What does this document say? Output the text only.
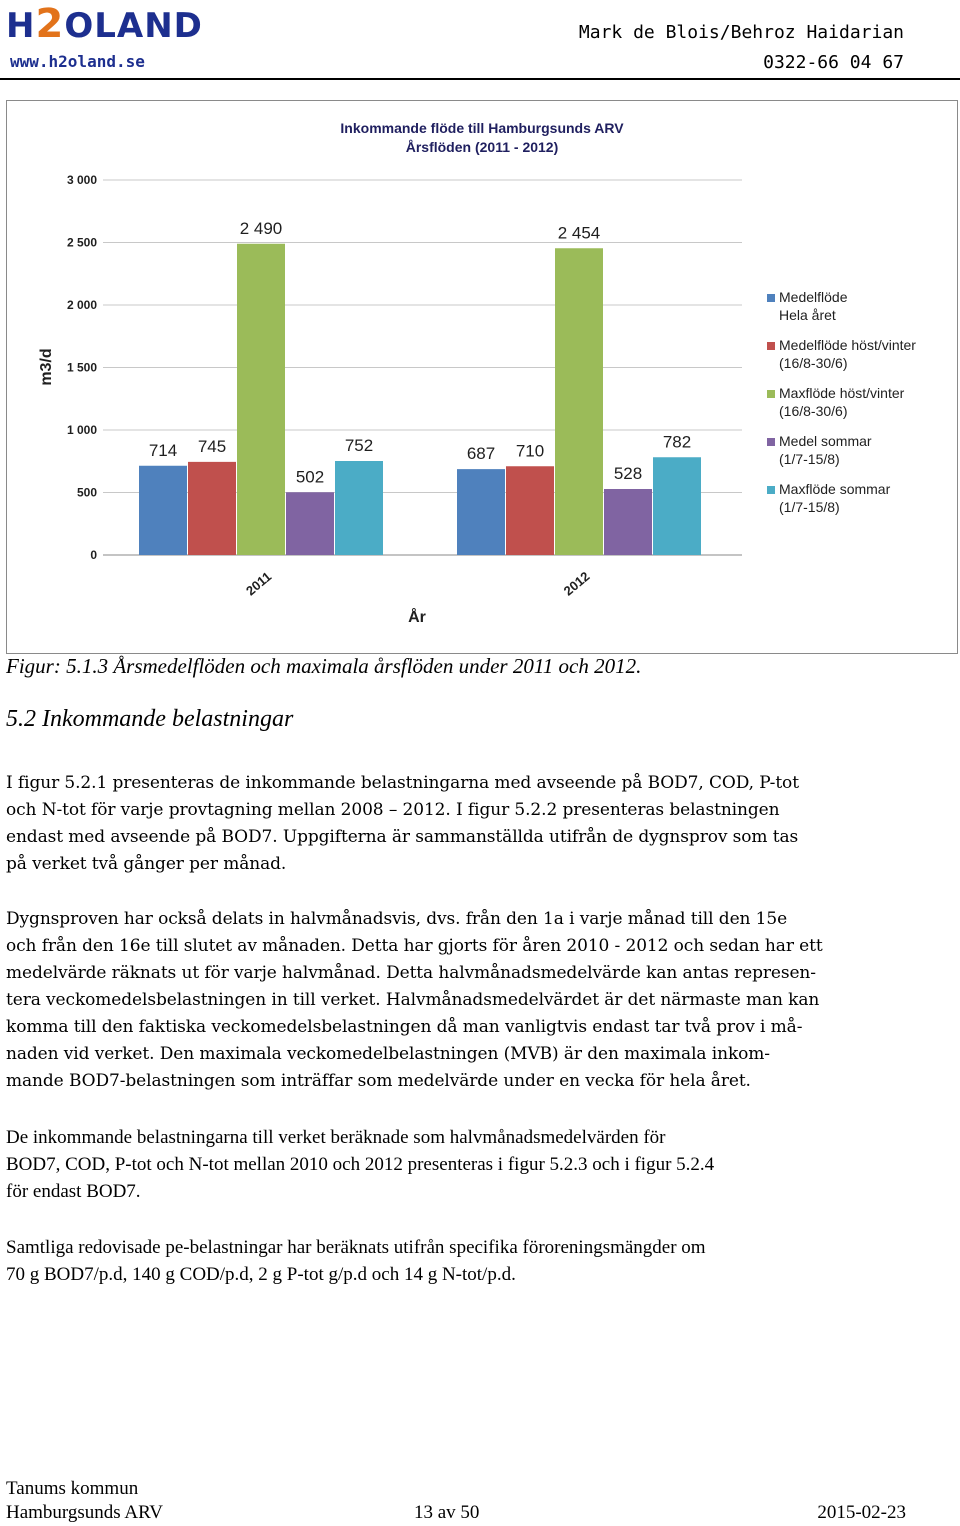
H2OLAND
www.h2oland.se
Mark de Blois/Behroz Haidarian
0322-66 04 67
Inkommande flöde till Hamburgsunds ARV
Årsflöden (2011 - 2012)
0
500
1 000
1 500
2 000
2 500
3 000
m3/d
714 745
2 490
502
752
2011
687 710
2 454
528
782
2012
År
Medelflöde
Hela året
Medelflöde höst/vinter
(16/8-30/6)
Maxflöde höst/vinter
(16/8-30/6)
Medel sommar
(1/7-15/8)
Maxflöde sommar
(1/7-15/8)
Figur: 5.1.3 Årsmedelflöden och maximala årsflöden under 2011 och 2012.
5.2 Inkommande belastningar
I figur 5.2.1 presenteras de inkommande belastningarna med avseende på BOD7, COD, P-tot
och N-tot för varje provtagning mellan 2008 – 2012. I figur 5.2.2 presenteras belastningen
endast med avseende på BOD7. Uppgifterna är sammanställda utifrån de dygnsprov som tas
på verket två gånger per månad.
Dygnsproven har också delats in halvmånadsvis, dvs. från den 1a i varje månad till den 15e
och från den 16e till slutet av månaden. Detta har gjorts för åren 2010 - 2012 och sedan har ett
medelvärde räknats ut för varje halvmånad. Detta halvmånadsmedelvärde kan antas represen-
tera veckomedelsbelastningen in till verket. Halvmånadsmedelvärdet är det närmaste man kan
komma till den faktiska veckomedelsbelastningen då man vanligtvis endast tar två prov i må-
naden vid verket. Den maximala veckomedelbelastningen (MVB) är den maximala inkom-
mande BOD7-belastningen som inträffar som medelvärde under en vecka för hela året.
De inkommande belastningarna till verket beräknade som halvmånadsmedelvärden för
BOD7, COD, P-tot och N-tot mellan 2010 och 2012 presenteras i figur 5.2.3 och i figur 5.2.4
för endast BOD7.
Samtliga redovisade pe-belastningar har beräknats utifrån specifika föroreningsmängder om
70 g BOD7/p.d, 140 g COD/p.d, 2 g P-tot g/p.d och 14 g N-tot/p.d.
Tanums kommun
Hamburgsunds ARV	13 av 50	2015-02-23
